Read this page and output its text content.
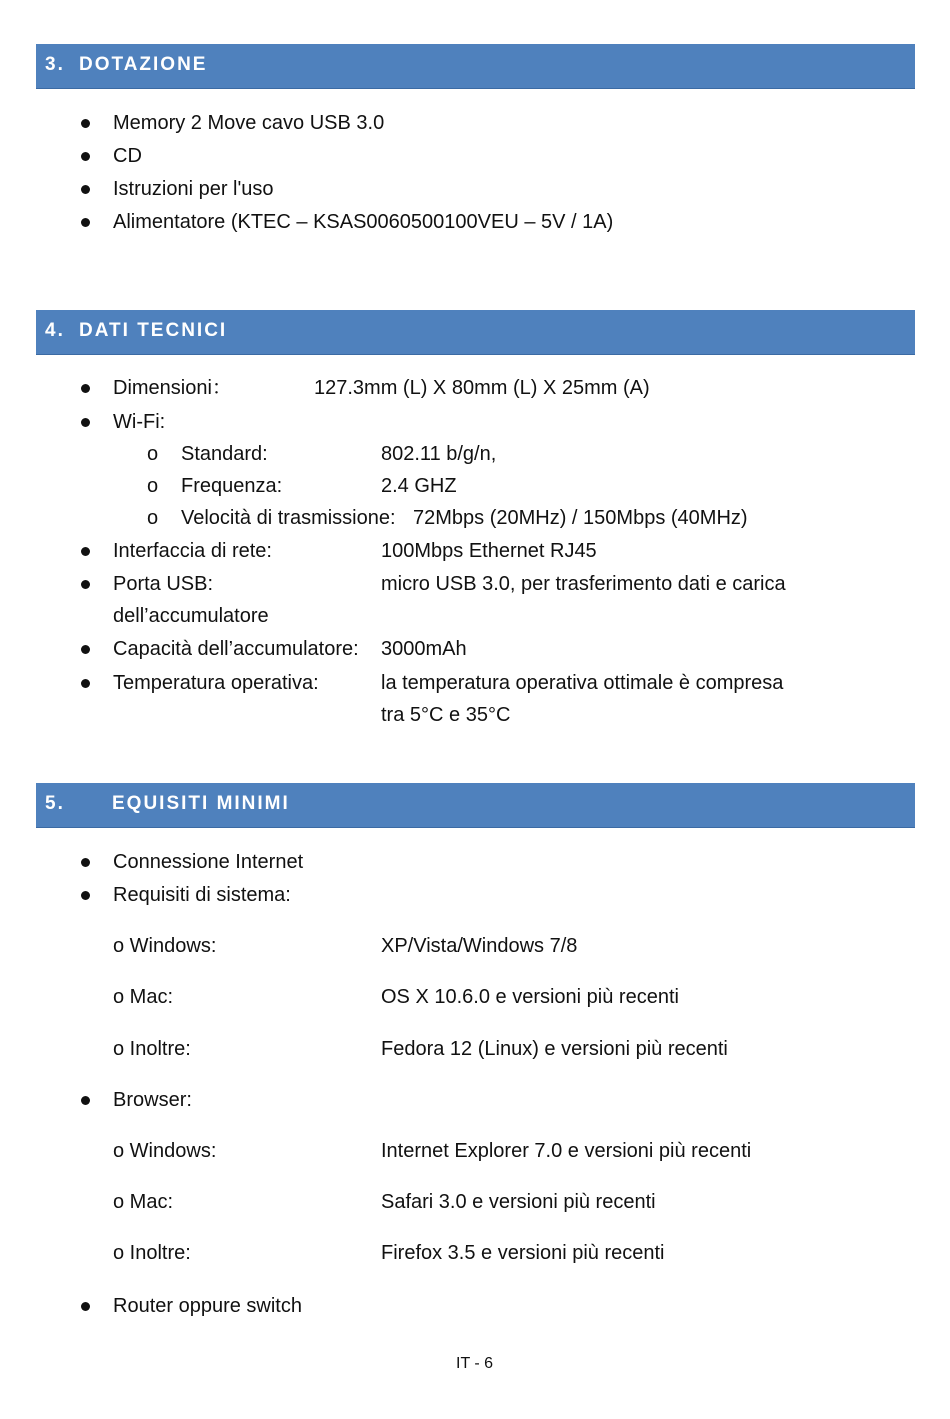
3. DOTAZIONE
Memory 2 Move cavo USB 3.0
CD
Istruzioni per l'uso
Alimentatore (KTEC – KSAS0060500100VEU – 5V / 1A)
4. DATI TECNICI
Dimensioni：	127.3mm (L) X 80mm (L) X 25mm (A)
Wi-Fi:
o Standard:	802.11 b/g/n,
o Frequenza:	2.4 GHZ
o Velocità di trasmissione: 72Mbps (20MHz) / 150Mbps (40MHz)
Interfaccia di rete:	100Mbps Ethernet RJ45
Porta USB:	micro USB 3.0, per trasferimento dati e carica
dell’accumulatore
Capacità dell’accumulatore: 3000mAh
Temperatura operativa:	la temperatura operativa ottimale è compresa
tra 5°C e 35°C
5. EQUISITI MINIMI
Connessione Internet
Requisiti di sistema:
o Windows:	XP/Vista/Windows 7/8
o Mac:	OS X 10.6.0 e versioni più recenti
o Inoltre:	Fedora 12 (Linux) e versioni più recenti
Browser:
o Windows:	Internet Explorer 7.0 e versioni più recenti
o Mac:	Safari 3.0 e versioni più recenti
o Inoltre:	Firefox 3.5 e versioni più recenti
Router oppure switch
IT - 6
